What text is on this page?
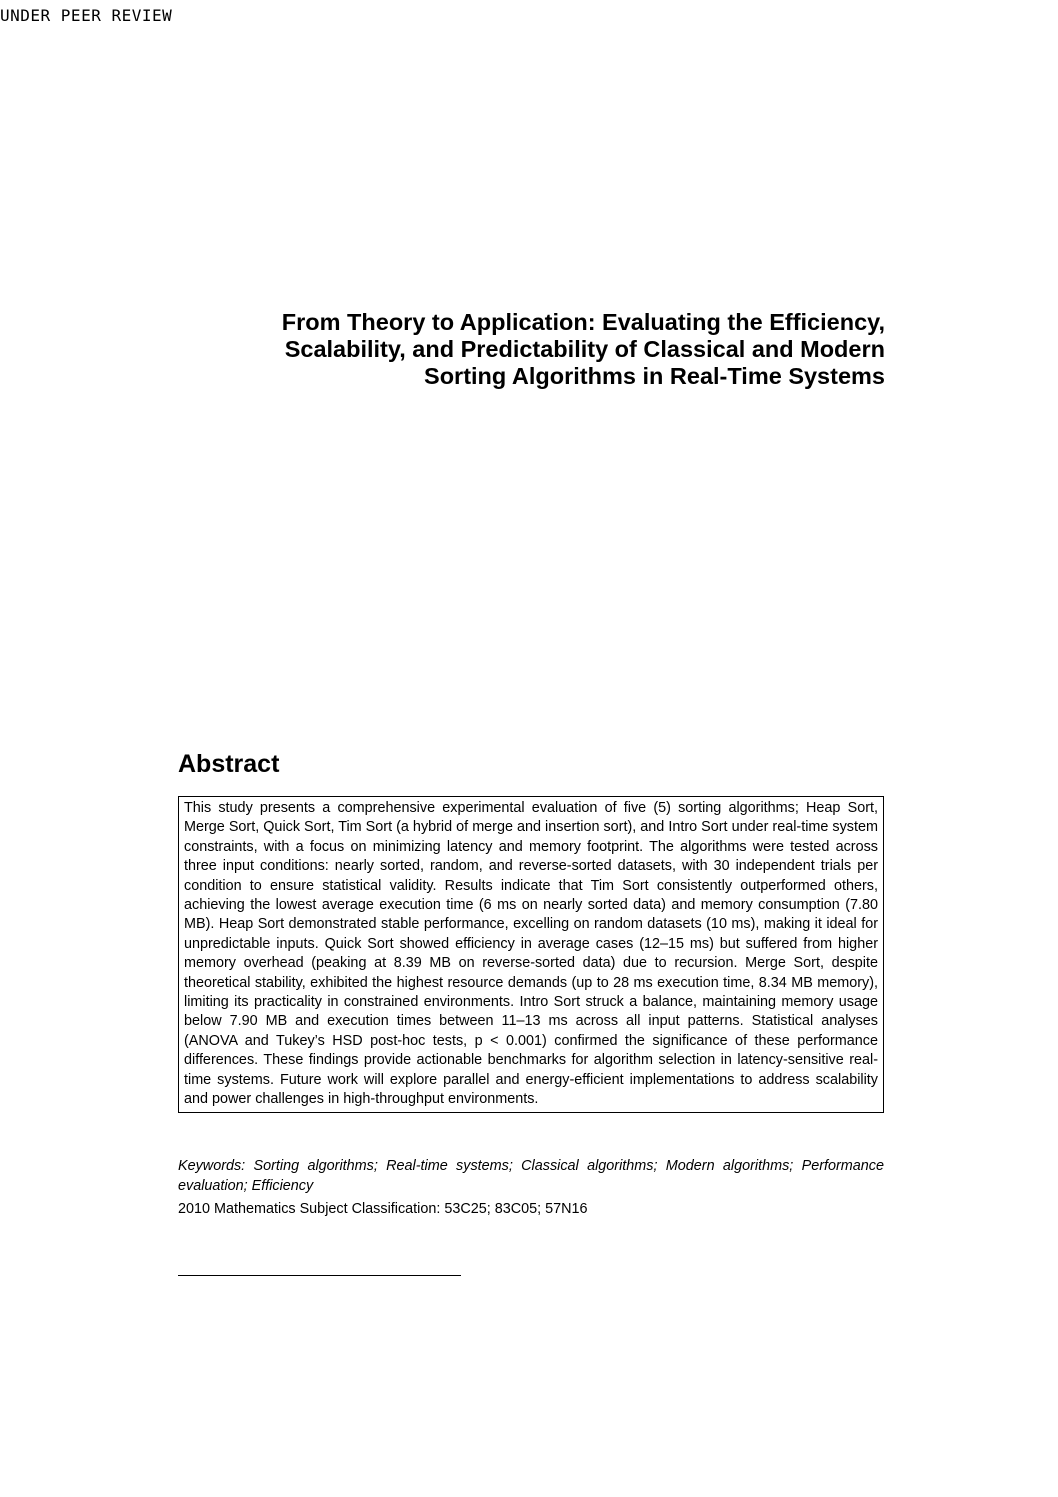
UNDER PEER REVIEW
From Theory to Application: Evaluating the Efficiency,
Scalability, and Predictability of Classical and Modern
Sorting Algorithms in Real-Time Systems
Abstract
This study presents a comprehensive experimental evaluation of five (5) sorting algorithms; Heap Sort, Merge Sort, Quick Sort, Tim Sort (a hybrid of merge and insertion sort), and Intro Sort under real-time system constraints, with a focus on minimizing latency and memory footprint. The algorithms were tested across three input conditions: nearly sorted, random, and reverse-sorted datasets, with 30 independent trials per condition to ensure statistical validity. Results indicate that Tim Sort consistently outperformed others, achieving the lowest average execution time (6 ms on nearly sorted data) and memory consumption (7.80 MB). Heap Sort demonstrated stable performance, excelling on random datasets (10 ms), making it ideal for unpredictable inputs. Quick Sort showed efficiency in average cases (12–15 ms) but suffered from higher memory overhead (peaking at 8.39 MB on reverse-sorted data) due to recursion. Merge Sort, despite theoretical stability, exhibited the highest resource demands (up to 28 ms execution time, 8.34 MB memory), limiting its practicality in constrained environments. Intro Sort struck a balance, maintaining memory usage below 7.90 MB and execution times between 11–13 ms across all input patterns. Statistical analyses (ANOVA and Tukey’s HSD post-hoc tests, p < 0.001) confirmed the significance of these performance differences. These findings provide actionable benchmarks for algorithm selection in latency-sensitive real-time systems. Future work will explore parallel and energy-efficient implementations to address scalability and power challenges in high-throughput environments.
Keywords: Sorting algorithms; Real-time systems; Classical algorithms; Modern algorithms; Performance evaluation; Efficiency
2010 Mathematics Subject Classification: 53C25; 83C05; 57N16
